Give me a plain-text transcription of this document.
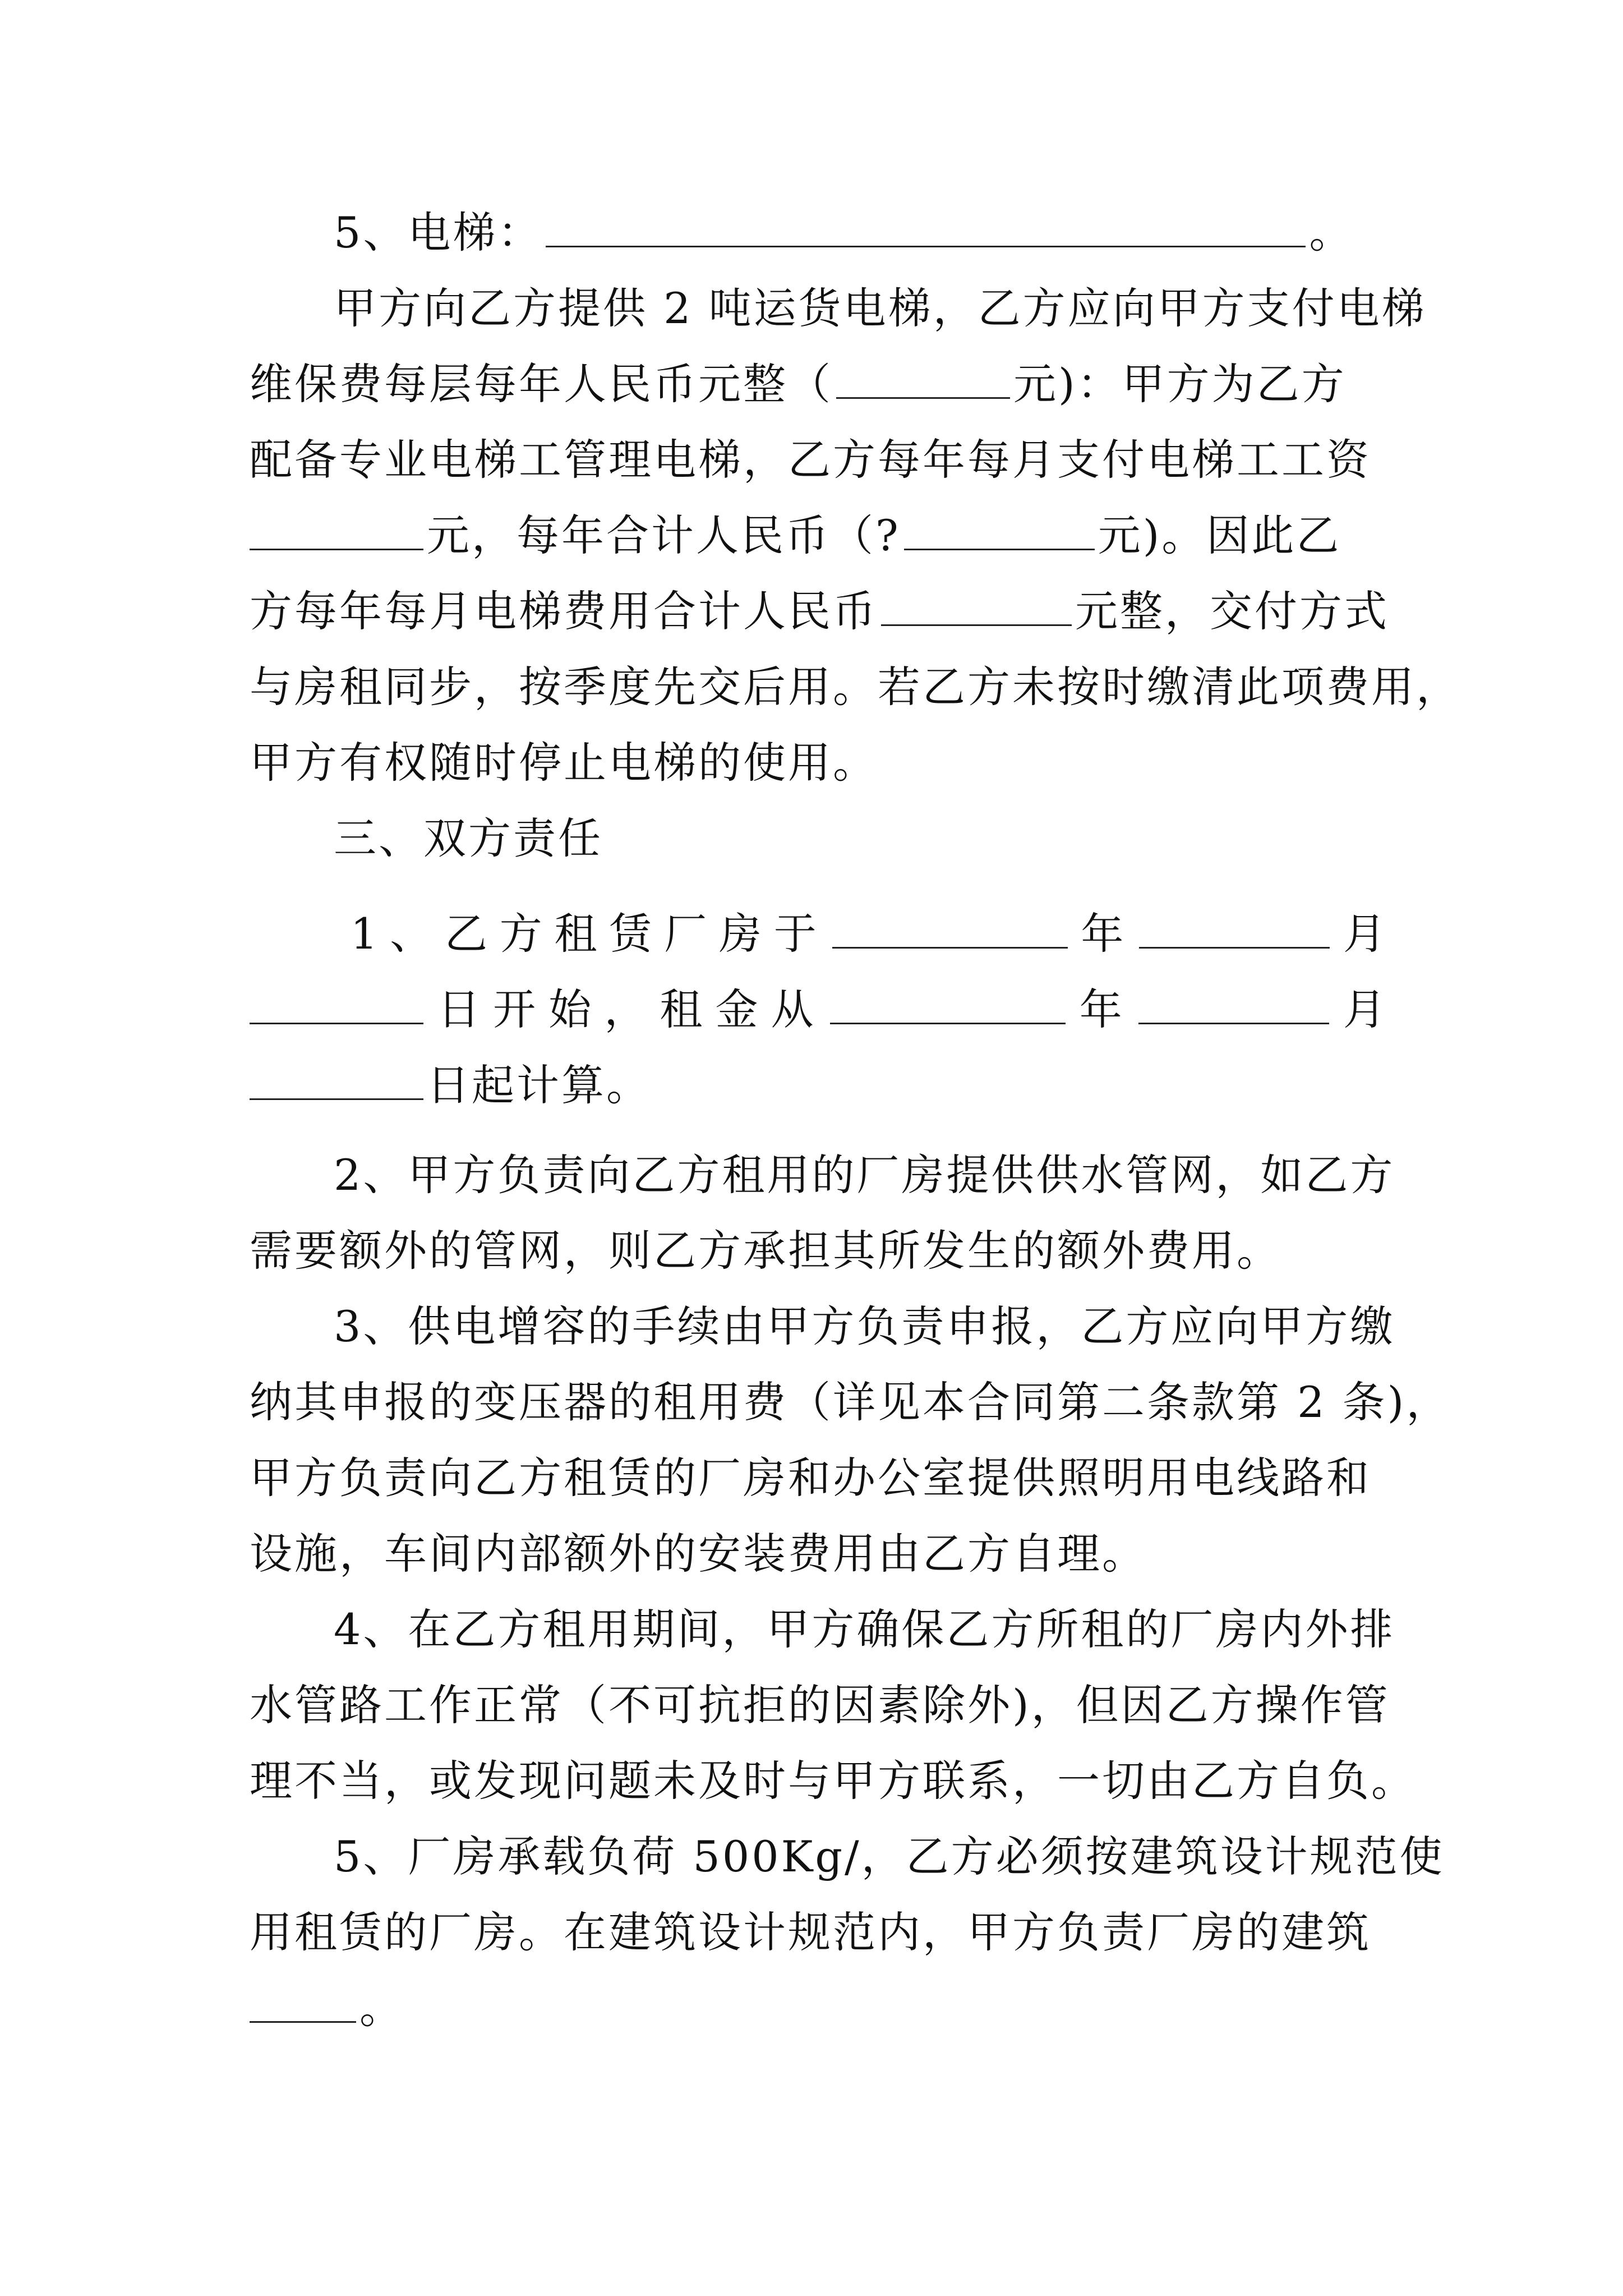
5、电梯：	。
甲方向乙方提供 2 吨运货电梯，乙方应向甲方支付电梯
维保费每层每年人民币元整（	元)：甲方为乙方
配备专业电梯工管理电梯，乙方每年每月支付电梯工工资
元，每年合计人民币（?	元)。因此乙
方每年每月电梯费用合计人民币	元整，交付方式
与房租同步，按季度先交后用。若乙方未按时缴清此项费用，
甲方有权随时停止电梯的使用。
三、双方责任
1 、 乙 方 租 赁 厂 房 于	年	月
日 开 始 ， 租 金 从	年	月
日起计算。
2、甲方负责向乙方租用的厂房提供供水管网，如乙方
需要额外的管网，则乙方承担其所发生的额外费用。
3、供电增容的手续由甲方负责申报，乙方应向甲方缴
纳其申报的变压器的租用费（详见本合同第二条款第 2 条)，
甲方负责向乙方租赁的厂房和办公室提供照明用电线路和
设施，车间内部额外的安装费用由乙方自理。
4、在乙方租用期间，甲方确保乙方所租的厂房内外排
水管路工作正常（不可抗拒的因素除外)，但因乙方操作管
理不当，或发现问题未及时与甲方联系，一切由乙方自负。
5、厂房承载负荷 500Kg/，乙方必须按建筑设计规范使
用租赁的厂房。在建筑设计规范内，甲方负责厂房的建筑
。
